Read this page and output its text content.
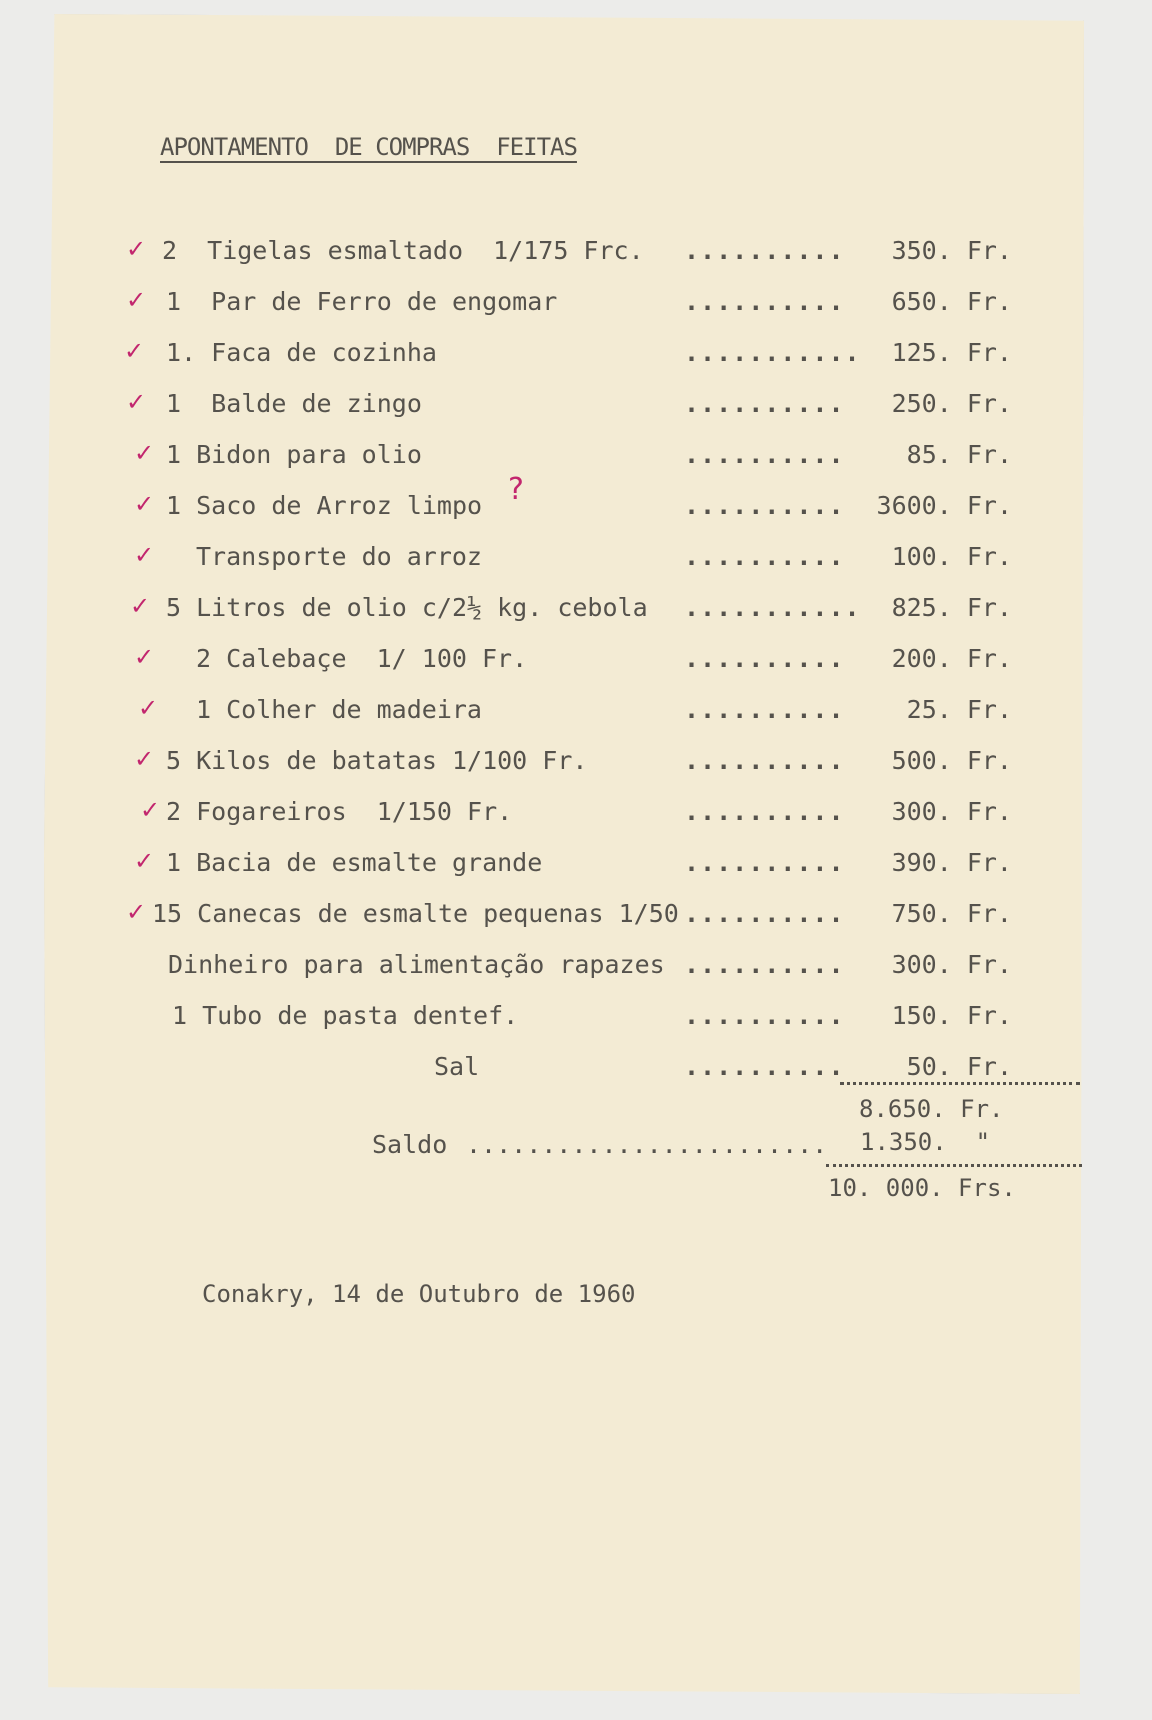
APONTAMENTO  DE COMPRAS  FEITAS
✓ 2  Tigelas esmaltado  1/175 Frc. .......... 350. Fr.
✓ 1  Par de Ferro de engomar	.......... 650. Fr.
✓ 1. Faca de cozinha	........... 125. Fr.
✓ 1  Balde de zingo	.......... 250. Fr.
✓ 1 Bidon para olio	.......... 85. Fr.
✓ 1 Saco de Arroz limpo	.......... 3600. Fr.
✓ Transporte do arroz	.......... 100. Fr.
✓ 5 Litros de olio c/2½ kg. cebola ........... 825. Fr.
✓ 2 Calebaçe  1/ 100 Fr.	.......... 200. Fr.
✓ 1 Colher de madeira	.......... 25. Fr.
✓ 5 Kilos de batatas 1/100 Fr.	.......... 500. Fr.
✓ 2 Fogareiros  1/150 Fr.	.......... 300. Fr.
✓ 1 Bacia de esmalte grande	.......... 390. Fr.
✓ 15 Canecas de esmalte pequenas 1/50 .......... 750. Fr.
Dinheiro para alimentação rapazes .......... 300. Fr.
1 Tubo de pasta dentef.	.......... 150. Fr.
Sal	.......... 50. Fr.
8.650. Fr.
Saldo ........................ 1.350.  "
10. 000. Frs.
Conakry, 14 de Outubro de 1960
?
